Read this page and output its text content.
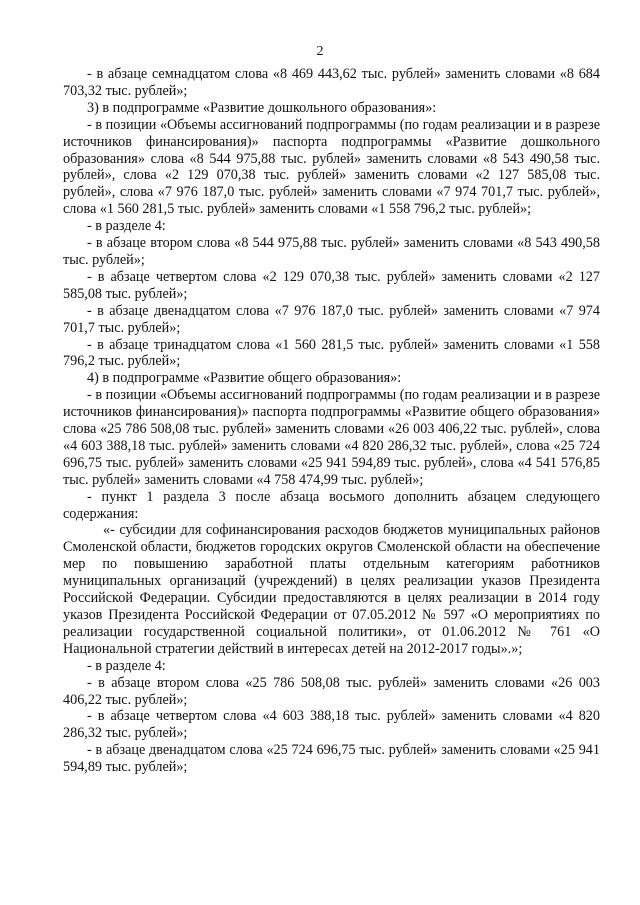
2

- в абзаце семнадцатом слова «8 469 443,62 тыс. рублей» заменить словами «8 684 703,32 тыс. рублей»;

3) в подпрограмме «Развитие дошкольного образования»:

- в позиции «Объемы ассигнований подпрограммы (по годам реализации и в разрезе источников финансирования)» паспорта подпрограммы «Развитие дошкольного образования» слова «8 544 975,88 тыс. рублей» заменить словами «8 543 490,58 тыс. рублей», слова «2 129 070,38 тыс. рублей» заменить словами «2 127 585,08 тыс. рублей», слова «7 976 187,0 тыс. рублей» заменить словами «7 974 701,7 тыс. рублей», слова «1 560 281,5 тыс. рублей» заменить словами «1 558 796,2 тыс. рублей»;

- в разделе 4:

- в абзаце втором слова «8 544 975,88 тыс. рублей» заменить словами «8 543 490,58 тыс. рублей»;

- в абзаце четвертом слова «2 129 070,38 тыс. рублей» заменить словами «2 127 585,08 тыс. рублей»;

- в абзаце двенадцатом слова «7 976 187,0 тыс. рублей» заменить словами «7 974 701,7 тыс. рублей»;

- в абзаце тринадцатом слова «1 560 281,5 тыс. рублей» заменить словами «1 558 796,2 тыс. рублей»;

4) в подпрограмме «Развитие общего образования»:

- в позиции «Объемы ассигнований подпрограммы (по годам реализации и в разрезе источников финансирования)» паспорта подпрограммы «Развитие общего образования» слова «25 786 508,08 тыс. рублей» заменить словами «26 003 406,22 тыс. рублей», слова «4 603 388,18 тыс. рублей» заменить словами «4 820 286,32 тыс. рублей», слова «25 724 696,75 тыс. рублей» заменить словами «25 941 594,89 тыс. рублей», слова «4 541 576,85 тыс. рублей» заменить словами «4 758 474,99 тыс. рублей»;

- пункт 1 раздела 3 после абзаца восьмого дополнить абзацем следующего содержания:

«- субсидии для софинансирования расходов бюджетов муниципальных районов Смоленской области, бюджетов городских округов Смоленской области на обеспечение мер по повышению заработной платы отдельным категориям работников муниципальных организаций (учреждений) в целях реализации указов Президента Российской Федерации. Субсидии предоставляются в целях реализации в 2014 году указов Президента Российской Федерации от 07.05.2012 № 597 «О мероприятиях по реализации государственной социальной политики», от 01.06.2012 № 761 «О Национальной стратегии действий в интересах детей на 2012-2017 годы».»;

- в разделе 4:

- в абзаце втором слова «25 786 508,08 тыс. рублей» заменить словами «26 003 406,22 тыс. рублей»;

- в абзаце четвертом слова «4 603 388,18 тыс. рублей» заменить словами «4 820 286,32 тыс. рублей»;

- в абзаце двенадцатом слова «25 724 696,75 тыс. рублей» заменить словами «25 941 594,89 тыс. рублей»;
